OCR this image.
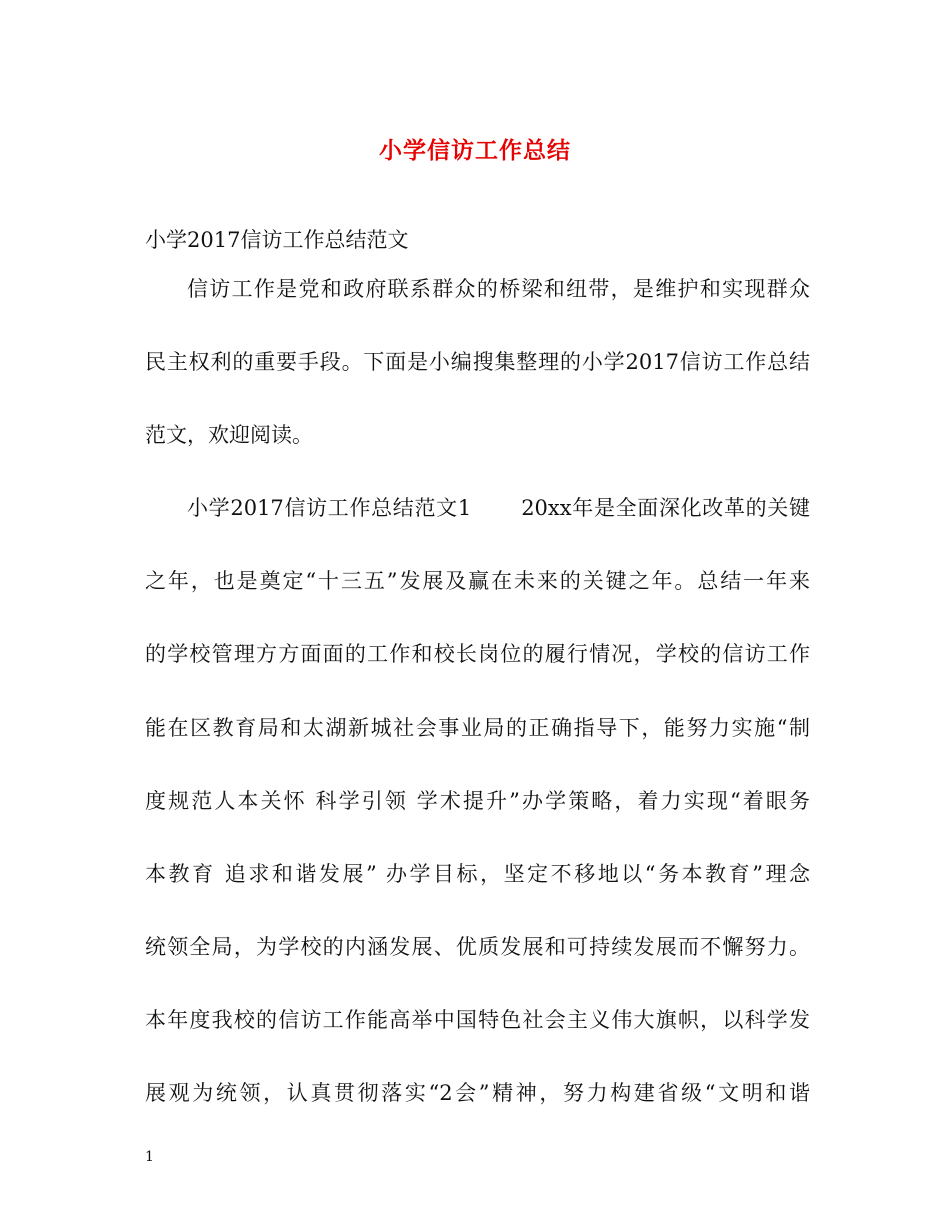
小学信访工作总结
小学2017信访工作总结范文
信访工作是党和政府联系群众的桥梁和纽带，是维护和实现群众
民主权利的重要手段。下面是小编搜集整理的小学2017信访工作总结
范文，欢迎阅读。
小学2017信访工作总结范文1 20xx年是全面深化改革的关键
之年，也是奠定“十三五”发展及赢在未来的关键之年。总结一年来
的学校管理方方面面的工作和校长岗位的履行情况，学校的信访工作
能在区教育局和太湖新城社会事业局的正确指导下，能努力实施“制
度规范人本关怀 科学引领 学术提升”办学策略，着力实现“着眼务
本教育 追求和谐发展” 办学目标，坚定不移地以“务本教育”理念
统领全局，为学校的内涵发展、优质发展和可持续发展而不懈努力。
本年度我校的信访工作能高举中国特色社会主义伟大旗帜，以科学发
展观为统领，认真贯彻落实“2会”精神，努力构建省级“文明和谐
1
